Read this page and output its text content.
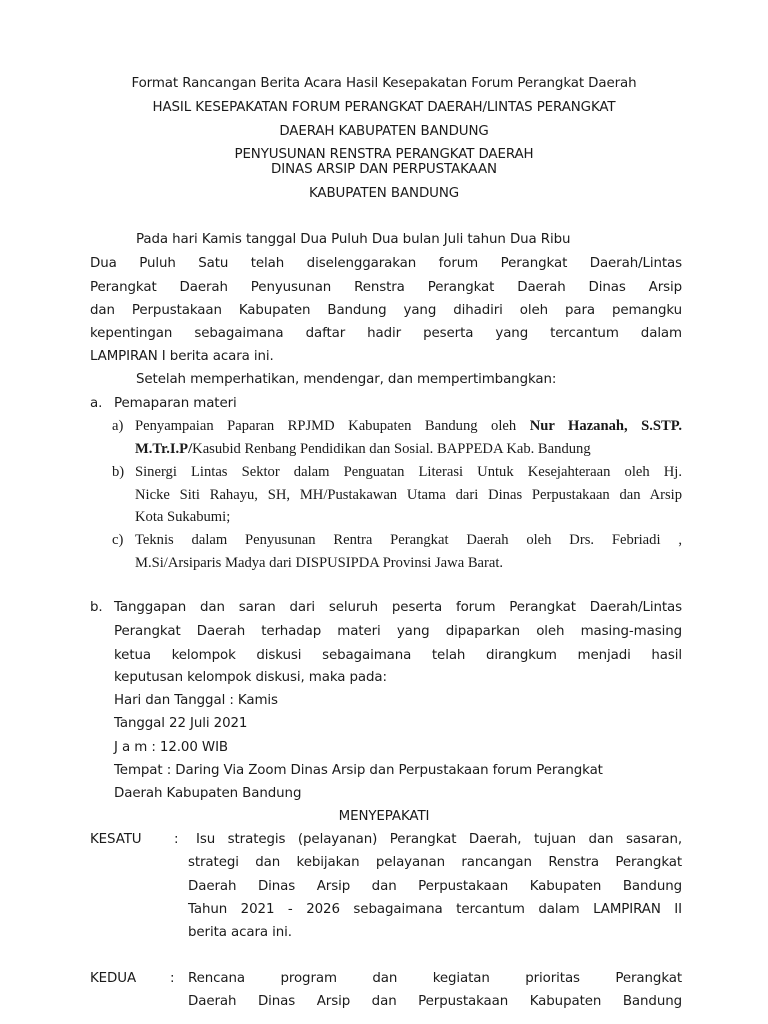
Format Rancangan Berita Acara Hasil Kesepakatan Forum Perangkat Daerah

HASIL KESEPAKATAN FORUM PERANGKAT DAERAH/LINTAS PERANGKAT

DAERAH KABUPATEN BANDUNG

PENYUSUNAN RENSTRA PERANGKAT DAERAH

DINAS ARSIP DAN PERPUSTAKAAN

KABUPATEN BANDUNG

Pada hari Kamis tanggal Dua Puluh Dua bulan Juli tahun Dua Ribu

Dua Puluh Satu telah diselenggarakan forum Perangkat Daerah/Lintas

Perangkat Daerah Penyusunan Renstra Perangkat Daerah Dinas Arsip

dan Perpustakaan Kabupaten Bandung yang dihadiri oleh para pemangku

kepentingan sebagaimana daftar hadir peserta yang tercantum dalam

LAMPIRAN I berita acara ini.

Setelah memperhatikan, mendengar, dan mempertimbangkan:

a. Pemaparan materi

a) Penyampaian Paparan RPJMD Kabupaten Bandung oleh Nur Hazanah, S.STP.

M.Tr.I.P/Kasubid Renbang Pendidikan dan Sosial. BAPPEDA Kab. Bandung

b) Sinergi Lintas Sektor dalam Penguatan Literasi Untuk Kesejahteraan oleh Hj.

Nicke Siti Rahayu, SH, MH/Pustakawan Utama dari Dinas Perpustakaan dan Arsip

Kota Sukabumi;

c) Teknis dalam Penyusunan Rentra Perangkat Daerah oleh Drs. Febriadi ,

M.Si/Arsiparis Madya dari DISPUSIPDA Provinsi Jawa Barat.

b. Tanggapan dan saran dari seluruh peserta forum Perangkat Daerah/Lintas

Perangkat Daerah terhadap materi yang dipaparkan oleh masing-masing

ketua kelompok diskusi sebagaimana telah dirangkum menjadi hasil

keputusan kelompok diskusi, maka pada:

Hari dan Tanggal : Kamis

Tanggal 22 Juli 2021

J a m : 12.00 WIB

Tempat : Daring Via Zoom Dinas Arsip dan Perpustakaan forum Perangkat

Daerah Kabupaten Bandung

MENYEPAKATI

KESATU : Isu strategis (pelayanan) Perangkat Daerah, tujuan dan sasaran,

strategi dan kebijakan pelayanan rancangan Renstra Perangkat

Daerah Dinas Arsip dan Perpustakaan Kabupaten Bandung

Tahun 2021 - 2026 sebagaimana tercantum dalam LAMPIRAN II

berita acara ini.

KEDUA	: Rencana program dan kegiatan prioritas Perangkat

Daerah Dinas Arsip dan Perpustakaan Kabupaten Bandung
